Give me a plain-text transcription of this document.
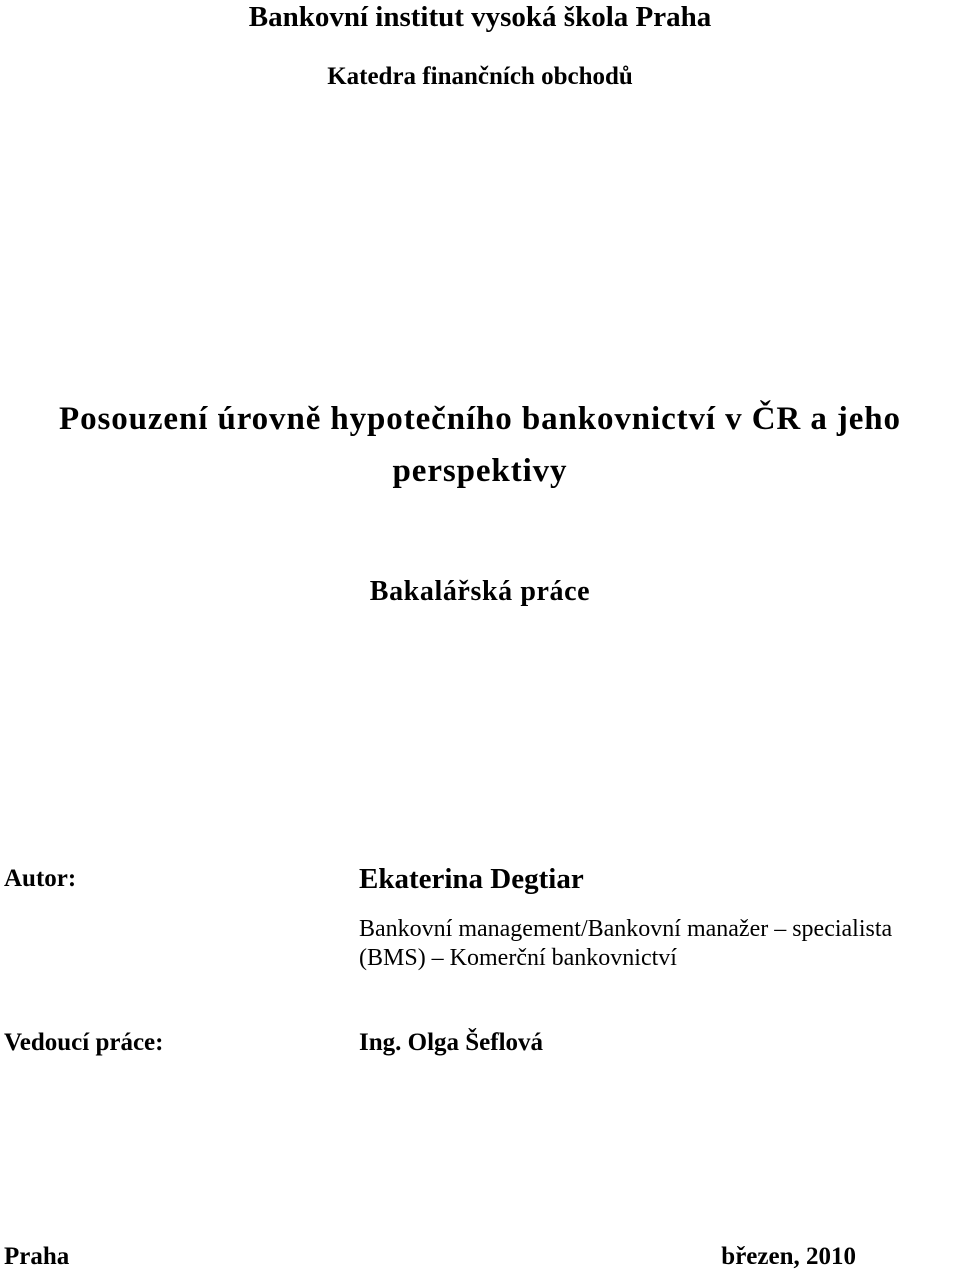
Bankovní institut vysoká škola Praha
Katedra finančních obchodů
Posouzení úrovně hypotečního bankovnictví v ČR a jeho
perspektivy
Bakalářská práce
Autor:	Ekaterina Degtiar
Bankovní management/Bankovní manažer – specialista
(BMS) – Komerční bankovnictví
Vedoucí práce:	Ing. Olga Šeflová
Praha	březen, 2010
